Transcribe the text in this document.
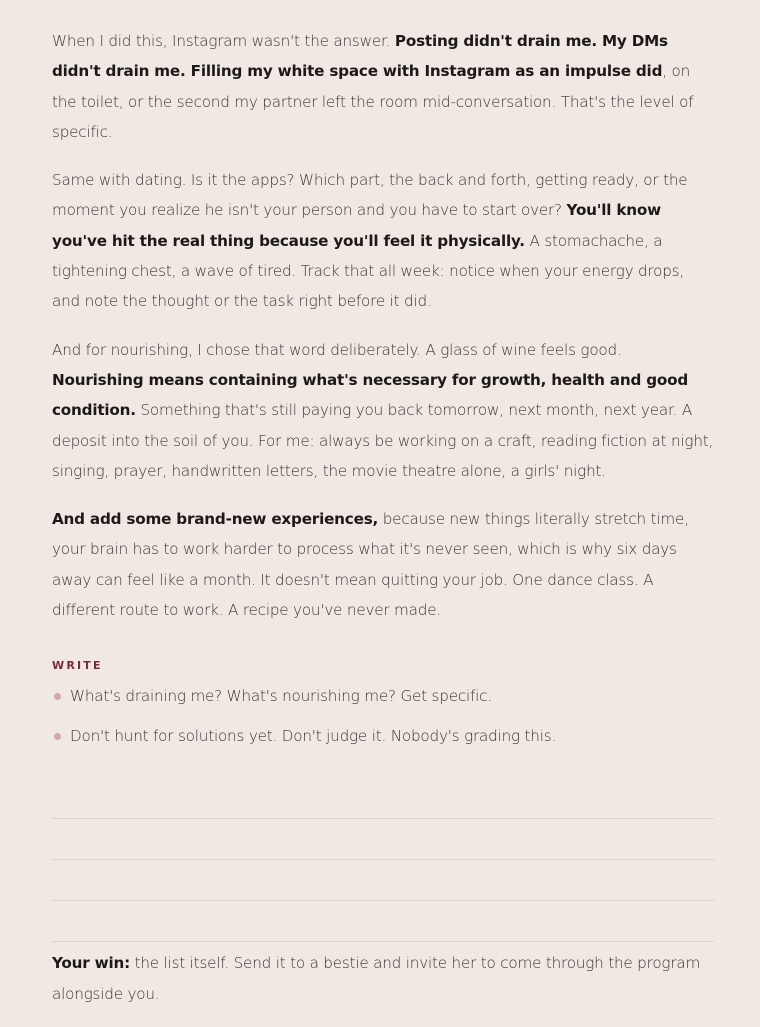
When I did this, Instagram wasn't the answer. Posting didn't drain me. My DMs didn't drain me. Filling my white space with Instagram as an impulse did, on the toilet, or the second my partner left the room mid-conversation. That's the level of specific.

Same with dating. Is it the apps? Which part, the back and forth, getting ready, or the moment you realize he isn't your person and you have to start over? You'll know you've hit the real thing because you'll feel it physically. A stomachache, a tightening chest, a wave of tired. Track that all week: notice when your energy drops, and note the thought or the task right before it did.

And for nourishing, I chose that word deliberately. A glass of wine feels good. Nourishing means containing what's necessary for growth, health and good condition. Something that's still paying you back tomorrow, next month, next year. A deposit into the soil of you. For me: always be working on a craft, reading fiction at night, singing, prayer, handwritten letters, the movie theatre alone, a girls' night.

And add some brand-new experiences, because new things literally stretch time, your brain has to work harder to process what it's never seen, which is why six days away can feel like a month. It doesn't mean quitting your job. One dance class. A different route to work. A recipe you've never made.

WRITE
What's draining me? What's nourishing me? Get specific.
Don't hunt for solutions yet. Don't judge it. Nobody's grading this.

Your win: the list itself. Send it to a bestie and invite her to come through the program alongside you.
